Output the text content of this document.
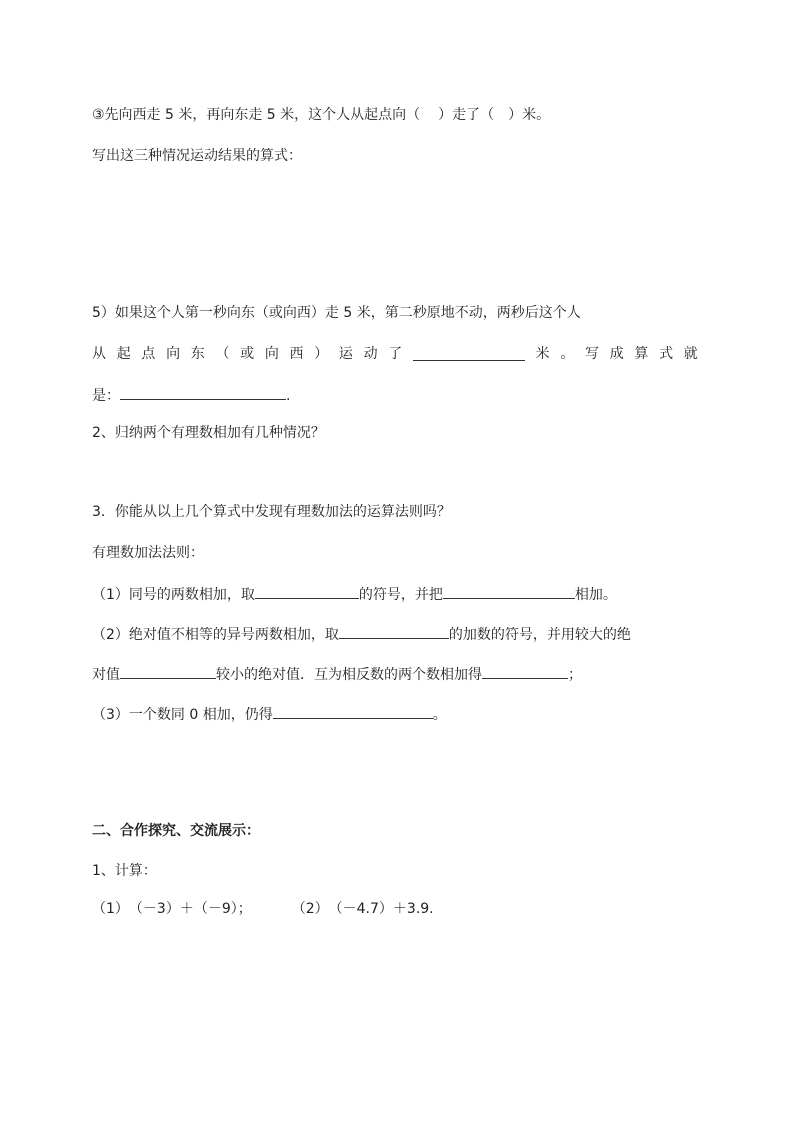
③先向西走 5 米，再向东走 5 米，这个人从起点向（ ）走了（ ）米。
写出这三种情况运动结果的算式：
5）如果这个人第一秒向东（或向西）走 5 米，第二秒原地不动，两秒后这个人
从 起 点 向 东 （ 或 向 西 ） 运 动 了	米 。 写 成 算 式 就
是：	.
2、归纳两个有理数相加有几种情况？
3．你能从以上几个算式中发现有理数加法的运算法则吗？
有理数加法法则：
（1）同号的两数相加，取	的符号，并把	相加。
（2）绝对值不相等的异号两数相加，取	的加数的符号，并用较大的绝
对值	较小的绝对值．互为相反数的两个数相加得	；
（3）一个数同 0 相加，仍得	。
二、合作探究、交流展示：
1、计算：
（1）　（－3）＋（－9）；	（2）　（－4.7）＋3.9.
